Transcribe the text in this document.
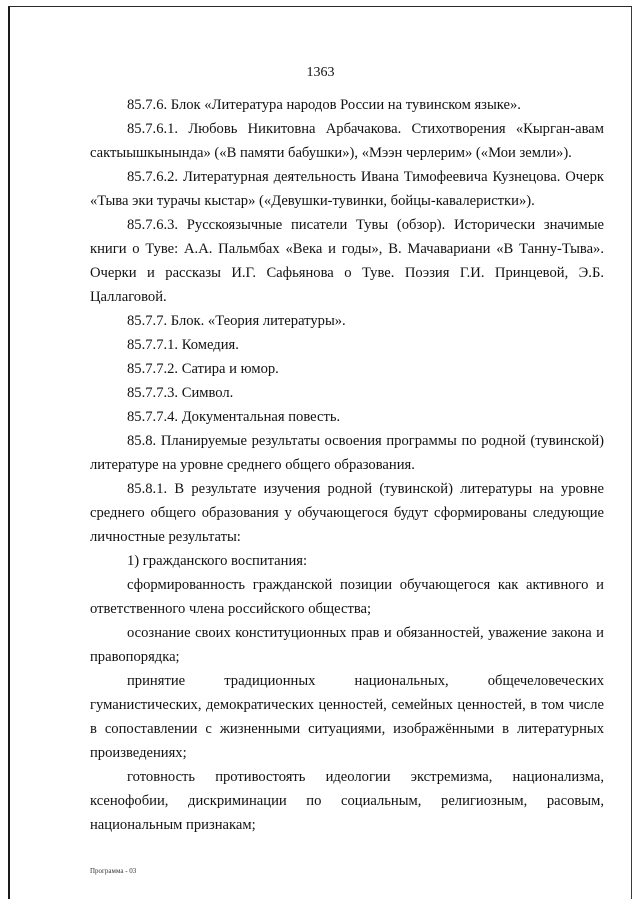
1363

85.7.6. Блок «Литература народов России на тувинском языке».

85.7.6.1. Любовь Никитовна Арбачакова. Стихотворения «Кырган-авам сактыышкынында» («В памяти бабушки»), «Мээн черлерим» («Мои земли»).

85.7.6.2. Литературная деятельность Ивана Тимофеевича Кузнецова. Очерк «Тыва эки турачы кыстар» («Девушки-тувинки, бойцы-кавалеристки»).

85.7.6.3. Русскоязычные писатели Тувы (обзор). Исторически значимые книги о Туве: А.А. Пальмбах «Века и годы», В. Мачавариани «В Танну-Тыва». Очерки и рассказы И.Г. Сафьянова о Туве. Поэзия Г.И. Принцевой, Э.Б. Цаллаговой.

85.7.7. Блок. «Теория литературы».

85.7.7.1. Комедия.

85.7.7.2. Сатира и юмор.

85.7.7.3. Символ.

85.7.7.4. Документальная повесть.

85.8. Планируемые результаты освоения программы по родной (тувинской) литературе на уровне среднего общего образования.

85.8.1. В результате изучения родной (тувинской) литературы на уровне среднего общего образования у обучающегося будут сформированы следующие личностные результаты:

1) гражданского воспитания:

сформированность гражданской позиции обучающегося как активного и ответственного члена российского общества;

осознание своих конституционных прав и обязанностей, уважение закона и правопорядка;

принятие традиционных национальных, общечеловеческих гуманистических, демократических ценностей, семейных ценностей, в том числе в сопоставлении с жизненными ситуациями, изображёнными в литературных произведениях;

готовность противостоять идеологии экстремизма, национализма, ксенофобии, дискриминации по социальным, религиозным, расовым, национальным признакам;

Программа - 03
